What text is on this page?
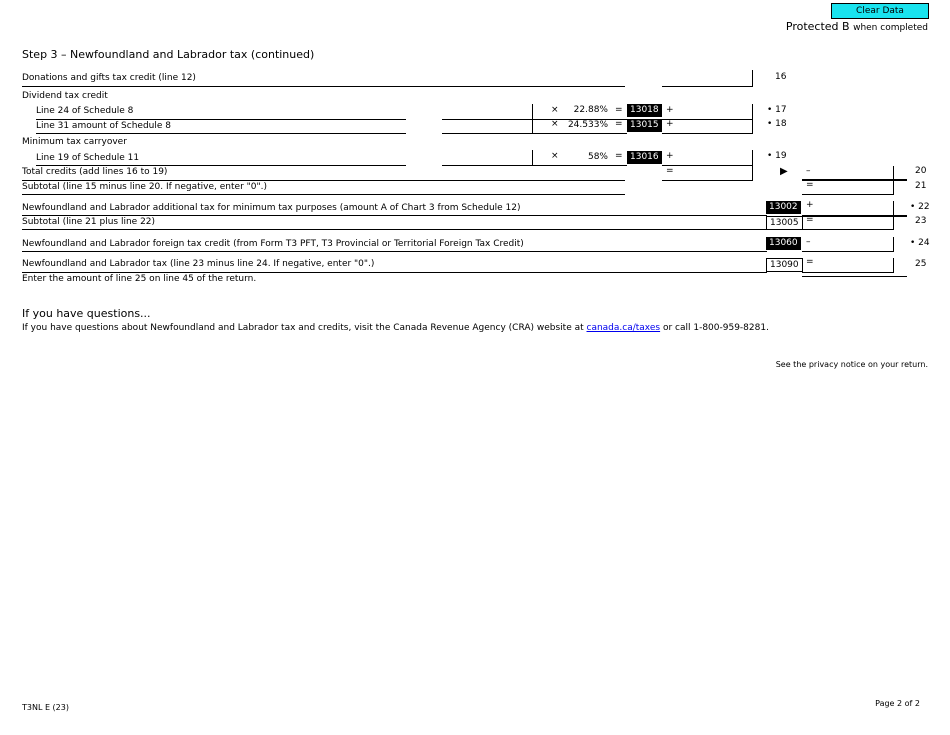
Clear Data
Protected B when completed
Step 3 – Newfoundland and Labrador tax (continued)
Donations and gifts tax credit (line 12)	16
Dividend tax credit
Minimum tax carryover
Line 24 of Schedule 8	×	22.88% = 13018 +	• 17
Line 31 amount of Schedule 8	×	24.533% = 13015 +	• 18
Line 19 of Schedule 11	×	58% = 13016 +	• 19
Total credits (add lines 16 to 19)	=	▶ –	20
Subtotal (line 15 minus line 20. If negative, enter "0".)	=	21
Newfoundland and Labrador additional tax for minimum tax purposes (amount A of Chart 3 from Schedule 12)	13002 +	• 22
Subtotal (line 21 plus line 22)	13005 =	23
Newfoundland and Labrador foreign tax credit (from Form T3 PFT, T3 Provincial or Territorial Foreign Tax Credit)	13060 –	• 24
Newfoundland and Labrador tax (line 23 minus line 24. If negative, enter "0".)	13090 =	25
Enter the amount of line 25 on line 45 of the return.
If you have questions...
If you have questions about Newfoundland and Labrador tax and credits, visit the Canada Revenue Agency (CRA) website at canada.ca/taxes or call 1-800-959-8281.
See the privacy notice on your return.
T3NL E (23)	Page 2 of 2
